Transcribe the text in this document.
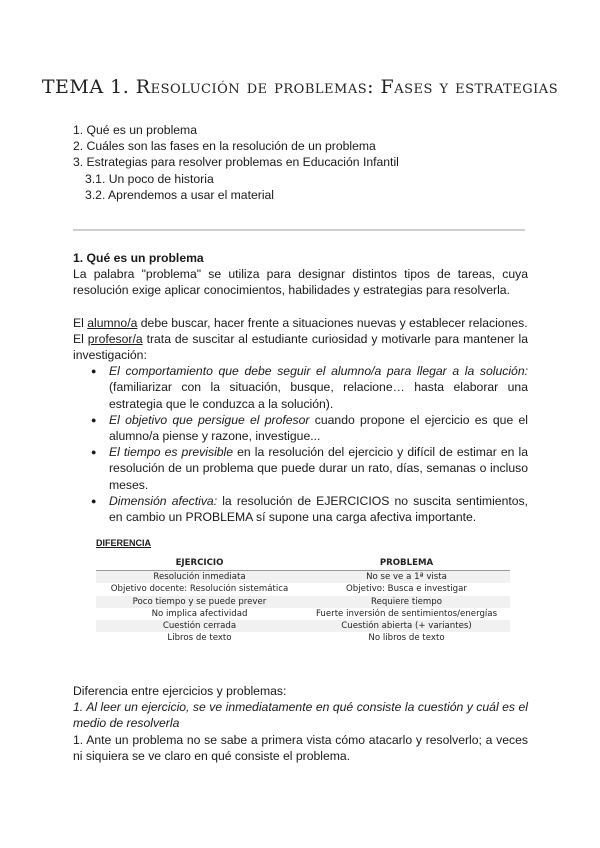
TEMA 1. Resolución de problemas: Fases y estrategias
1. Qué es un problema
2. Cuáles son las fases en la resolución de un problema
3. Estrategias para resolver problemas en Educación Infantil
3.1. Un poco de historia
3.2. Aprendemos a usar el material
1. Qué es un problema

La palabra "problema" se utiliza para designar distintos tipos de tareas, cuya resolución exige aplicar conocimientos, habilidades y estrategias para resolverla.

El alumno/a debe buscar, hacer frente a situaciones nuevas y establecer relaciones.

El profesor/a trata de suscitar al estudiante curiosidad y motivarle para mantener la investigación:

● El comportamiento que debe seguir el alumno/a para llegar a la solución: (familiarizar con la situación, busque, relacione… hasta elaborar una estrategia que le conduzca a la solución).
● El objetivo que persigue el profesor cuando propone el ejercicio es que el alumno/a piense y razone, investigue...
● El tiempo es previsible en la resolución del ejercicio y difícil de estimar en la resolución de un problema que puede durar un rato, días, semanas o incluso meses.
● Dimensión afectiva: la resolución de EJERCICIOS no suscita sentimientos, en cambio un PROBLEMA sí supone una carga afectiva importante.
DIFERENCIA
EJERCICIO	PROBLEMA
Resolución inmediata	No se ve a 1ª vista
Objetivo docente: Resolución sistemática	Objetivo: Busca e investigar
Poco tiempo y se puede prever	Requiere tiempo
No implica afectividad	Fuerte inversión de sentimientos/energías
Cuestión cerrada	Cuestión abierta (+ variantes)
Libros de texto	No libros de texto

Diferencia entre ejercicios y problemas:

1. Al leer un ejercicio, se ve inmediatamente en qué consiste la cuestión y cuál es el medio de resolverla

1. Ante un problema no se sabe a primera vista cómo atacarlo y resolverlo; a veces ni siquiera se ve claro en qué consiste el problema.
